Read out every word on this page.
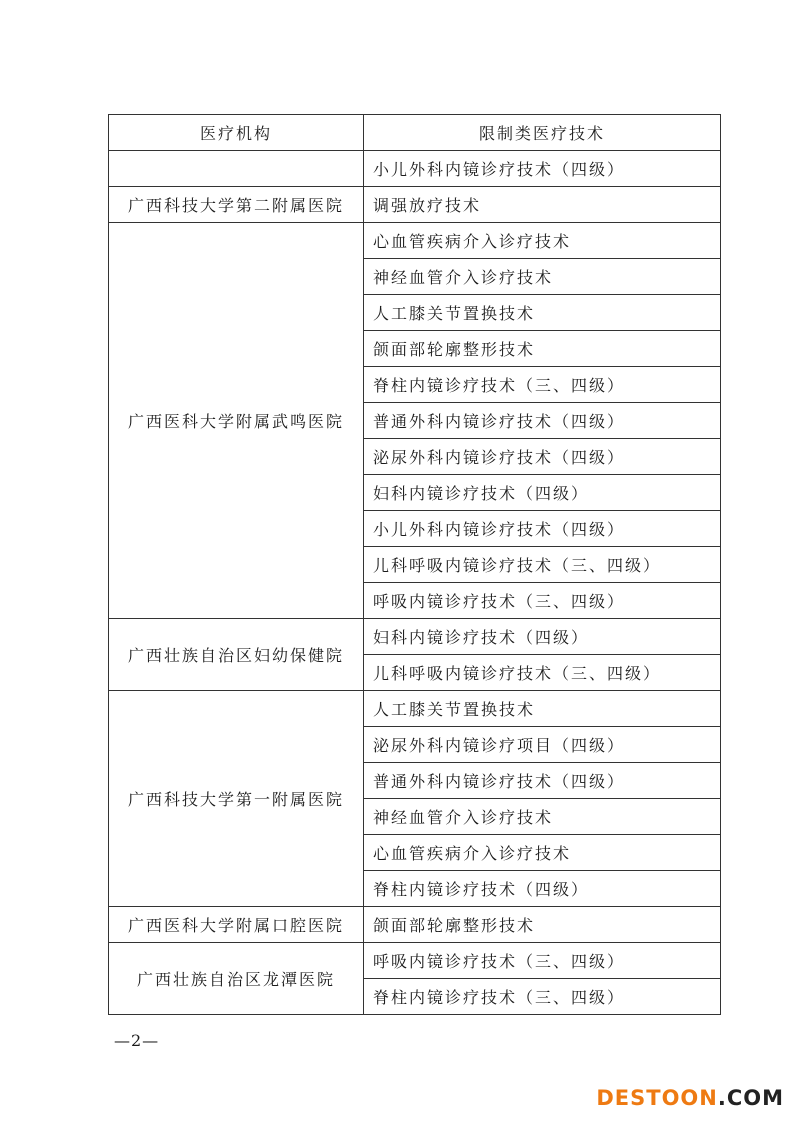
医疗机构	限制类医疗技术
	小儿外科内镜诊疗技术（四级）
广西科技大学第二附属医院	调强放疗技术
广西医科大学附属武鸣医院	心血管疾病介入诊疗技术
	神经血管介入诊疗技术
	人工膝关节置换技术
	颌面部轮廓整形技术
	脊柱内镜诊疗技术（三、四级）
	普通外科内镜诊疗技术（四级）
	泌尿外科内镜诊疗技术（四级）
	妇科内镜诊疗技术（四级）
	小儿外科内镜诊疗技术（四级）
	儿科呼吸内镜诊疗技术（三、四级）
	呼吸内镜诊疗技术（三、四级）
广西壮族自治区妇幼保健院	妇科内镜诊疗技术（四级）
	儿科呼吸内镜诊疗技术（三、四级）
广西科技大学第一附属医院	人工膝关节置换技术
	泌尿外科内镜诊疗项目（四级）
	普通外科内镜诊疗技术（四级）
	神经血管介入诊疗技术
	心血管疾病介入诊疗技术
	脊柱内镜诊疗技术（四级）
广西医科大学附属口腔医院	颌面部轮廓整形技术
广西壮族自治区龙潭医院	呼吸内镜诊疗技术（三、四级）
	脊柱内镜诊疗技术（三、四级）
—2—
DESTOON.COM
